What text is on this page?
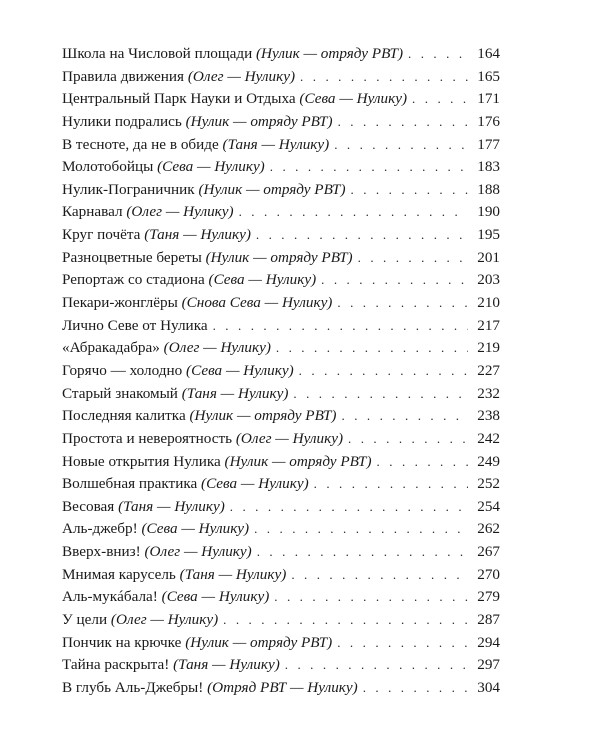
Школа на Числовой площади (Нулик — отряду РВТ) . . .	164
Правила движения (Олег — Нулику) . . .	165
Центральный Парк Науки и Отдыха (Сева — Нулику) . . .	171
Нулики подрались (Нулик — отряду РВТ) . . .	176
В тесноте, да не в обиде (Таня — Нулику) . . .	177
Молотобойцы (Сева — Нулику) . . .	183
Нулик-Пограничник (Нулик — отряду РВТ) . . .	188
Карнавал (Олег — Нулику) . . .	190
Круг почёта (Таня — Нулику) . . .	195
Разноцветные береты (Нулик — отряду РВТ) . . .	201
Репортаж со стадиона (Сева — Нулику) . . .	203
Пекари-жонглёры (Снова Сева — Нулику) . . .	210
Лично Севе от Нулика . . .	217
«Абракадабра» (Олег — Нулику) . . .	219
Горячо — холодно (Сева — Нулику) . . .	227
Старый знакомый (Таня — Нулику) . . .	232
Последняя калитка (Нулик — отряду РВТ) . . .	238
Простота и невероятность (Олег — Нулику) . . .	242
Новые открытия Нулика (Нулик — отряду РВТ) . . .	249
Волшебная практика (Сева — Нулику) . . .	252
Весовая (Таня — Нулику) . . .	254
Аль-джебр! (Сева — Нулику) . . .	262
Вверх-вниз! (Олег — Нулику) . . .	267
Мнимая карусель (Таня — Нулику) . . .	270
Аль-мукáбала! (Сева — Нулику) . . .	279
У цели (Олег — Нулику) . . .	287
Пончик на крючке (Нулик — отряду РВТ) . . .	294
Тайна раскрыта! (Таня — Нулику) . . .	297
В глубь Аль-Джебры! (Отряд РВТ — Нулику) . . .	304
